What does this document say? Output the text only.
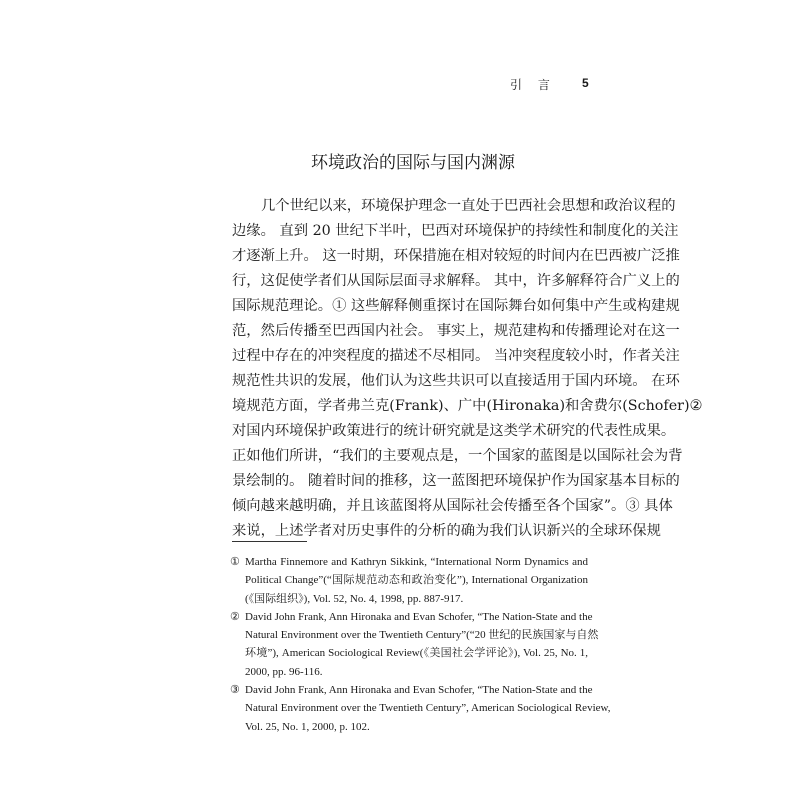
引 言 5
环境政治的国际与国内渊源
几个世纪以来，环境保护理念一直处于巴西社会思想和政治议程的
边缘。 直到 20 世纪下半叶，巴西对环境保护的持续性和制度化的关注
才逐渐上升。 这一时期，环保措施在相对较短的时间内在巴西被广泛推
行，这促使学者们从国际层面寻求解释。 其中，许多解释符合广义上的
国际规范理论。① 这些解释侧重探讨在国际舞台如何集中产生或构建规
范，然后传播至巴西国内社会。 事实上，规范建构和传播理论对在这一
过程中存在的冲突程度的描述不尽相同。 当冲突程度较小时，作者关注
规范性共识的发展，他们认为这些共识可以直接适用于国内环境。 在环
境规范方面，学者弗兰克(Frank)、广中(Hironaka)和舍费尔(Schofer)②
对国内环境保护政策进行的统计研究就是这类学术研究的代表性成果。
正如他们所讲，“我们的主要观点是，一个国家的蓝图是以国际社会为背
景绘制的。 随着时间的推移，这一蓝图把环境保护作为国家基本目标的
倾向越来越明确，并且该蓝图将从国际社会传播至各个国家”。③ 具体
来说，上述学者对历史事件的分析的确为我们认识新兴的全球环保规
① Martha Finnemore and Kathryn Sikkink, “International Norm Dynamics and
Political Change”(“国际规范动态和政治变化”), International Organization
(《国际组织》), Vol. 52, No. 4, 1998, pp. 887-917.
② David John Frank, Ann Hironaka and Evan Schofer, “The Nation-State and the
Natural Environment over the Twentieth Century”(“20 世纪的民族国家与自然
环境”), American Sociological Review(《美国社会学评论》), Vol. 25, No. 1,
2000, pp. 96-116.
③ David John Frank, Ann Hironaka and Evan Schofer, “The Nation-State and the
Natural Environment over the Twentieth Century”, American Sociological Review,
Vol. 25, No. 1, 2000, p. 102.
